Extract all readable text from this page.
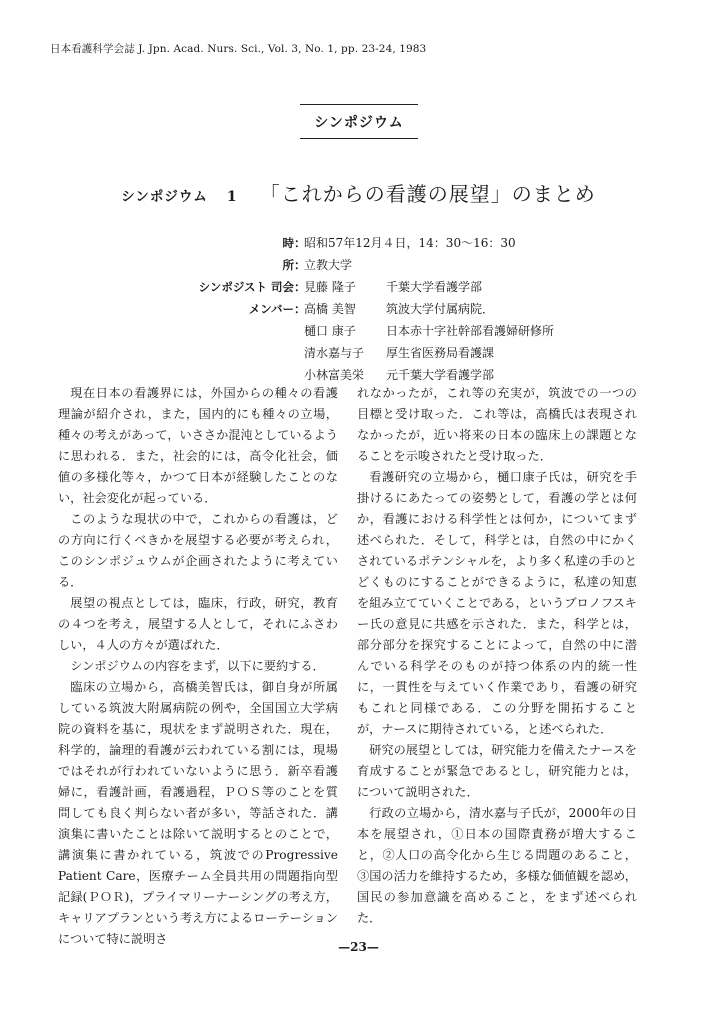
日本看護科学会誌 J. Jpn. Acad. Nurs. Sci., Vol. 3, No. 1, pp. 23-24, 1983
シンポジウム
シンポジウム 1 「これからの看護の展望」のまとめ
時 ：
昭和57年12月４日，14：30～16：30
所 ：
立教大学
シンポジスト 司会 ：
見藤 隆子	千葉大学看護学部
メンバー ：
高橋 美智	筑波大学付属病院．
樋口 康子	日本赤十字社幹部看護婦研修所
清水嘉与子	厚生省医務局看護課
小林富美栄	元千葉大学看護学部

現在日本の看護界には，外国からの種々の看護理論が紹介され，また，国内的にも種々の立場，種々の考えがあって，いささか混沌としているように思われる．また，社会的には，高令化社会，価値の多様化等々，かつて日本が経験したことのない，社会変化が起っている．

このような現状の中で，これからの看護は，どの方向に行くべきかを展望する必要が考えられ，このシンポジュウムが企画されたように考えている．

展望の視点としては，臨床，行政，研究，教育の４つを考え，展望する人として，それにふさわしい，４人の方々が選ばれた．

シンポジウムの内容をまず，以下に要約する．

臨床の立場から，高橋美智氏は，御自身が所属している筑波大附属病院の例や，全国国立大学病院の資料を基に，現状をまず説明された．現在，科学的，論理的看護が云われている割には，現場ではそれが行われていないように思う．新卒看護婦に，看護計画，看護過程，ＰＯＳ等のことを質問しても良く判らない者が多い，等話された．講演集に書いたことは除いて説明するとのことで，講演集に書かれている，筑波でのProgressive Patient Care，医療チーム全員共用の問題指向型記録(ＰＯＲ)，プライマリーナーシングの考え方，キャリアプランという考え方によるローテーションについて特に説明さ

れなかったが，これ等の充実が，筑波での一つの目標と受け取った．これ等は，高橋氏は表現されなかったが，近い将来の日本の臨床上の課題となることを示唆されたと受け取った．

看護研究の立場から，樋口康子氏は，研究を手掛けるにあたっての姿勢として，看護の学とは何か，看護における科学性とは何か，についてまず述べられた．そして，科学とは，自然の中にかくされているポテンシャルを，より多く私達の手のとどくものにすることができるように，私達の知恵を組み立てていくことである，というブロノフスキー氏の意見に共感を示された．また，科学とは，部分部分を探究することによって，自然の中に潜んでいる科学そのものが持つ体系の内的統一性に，一貫性を与えていく作業であり，看護の研究もこれと同様である．この分野を開拓することが，ナースに期待されている，と述べられた．

研究の展望としては，研究能力を備えたナースを育成することが緊急であるとし，研究能力とは，について説明された．

行政の立場から，清水嘉与子氏が，2000年の日本を展望され，①日本の国際責務が増大すること，②人口の高令化から生じる問題のあること，③国の活力を維持するため，多様な価値観を認め，国民の参加意識を高めること，をまず述べられた．

—23—
